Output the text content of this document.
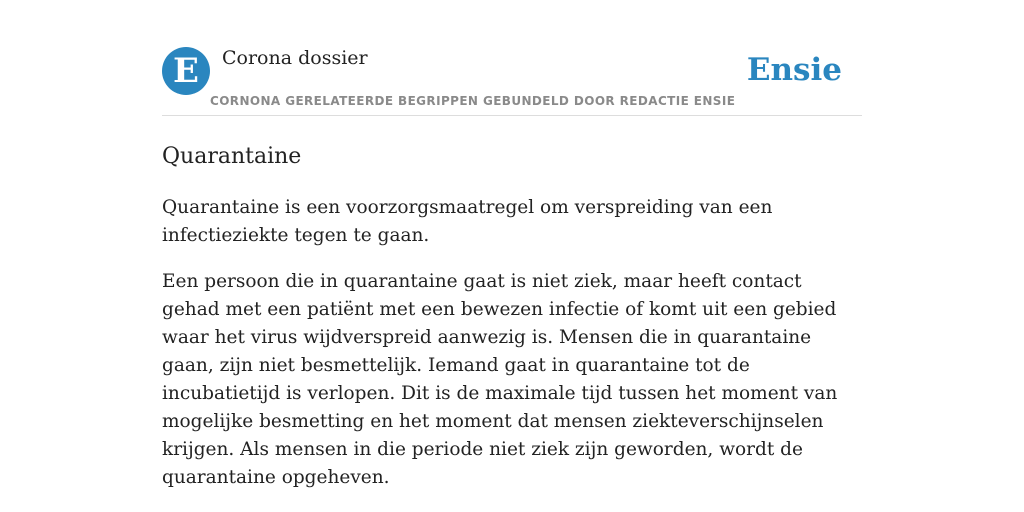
E	Corona dossier
CORNONA GERELATEERDE BEGRIPPEN GEBUNDELD DOOR REDACTIE ENSIE
Ensie
Quarantaine

Quarantaine is een voorzorgsmaatregel om verspreiding van een infectieziekte tegen te gaan.

Een persoon die in quarantaine gaat is niet ziek, maar heeft contact gehad met een patiënt met een bewezen infectie of komt uit een gebied waar het virus wijdverspreid aanwezig is. Mensen die in quarantaine gaan, zijn niet besmettelijk. Iemand gaat in quarantaine tot de incubatietijd is verlopen. Dit is de maximale tijd tussen het moment van mogelijke besmetting en het moment dat mensen ziekteverschijnselen krijgen. Als mensen in die periode niet ziek zijn geworden, wordt de quarantaine opgeheven.
